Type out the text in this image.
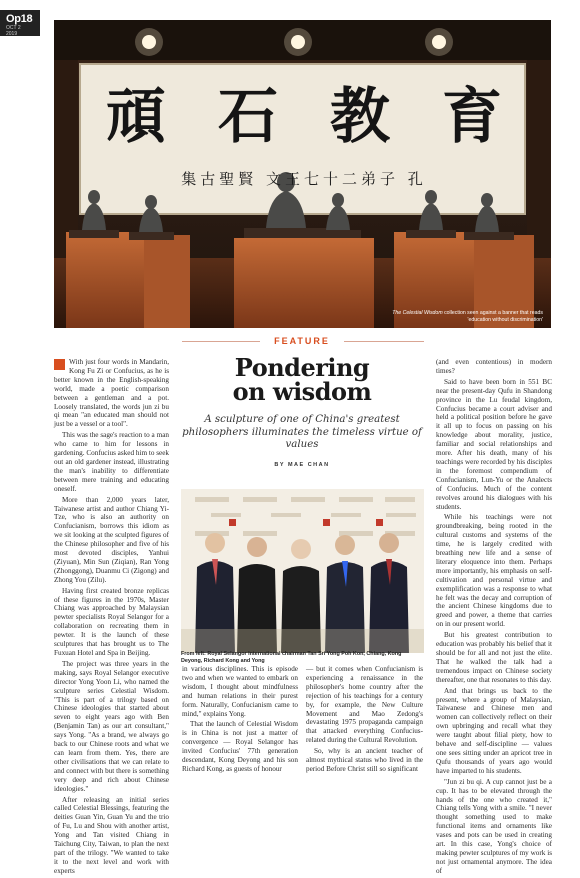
Op18
OCT 2
2019
頑 石 教 育
集古聖賢 文王七十二弟子 孔
The Celestial Wisdom collection seen against a banner that reads 'education without discrimination'
FEATURE
Pondering
on wisdom
A sculpture of one of China's greatest philosophers illuminates the timeless virtue of values
BY MAE CHAN

With just four words in Mandarin, Kong Fu Zi or Confucius, as he is better known in the English-speaking world, made a poetic comparison between a gentleman and a pot. Loosely translated, the words jun zi bu qi mean "an educated man should not just be a vessel or a tool".

This was the sage's reaction to a man who came to him for lessons in gardening. Confucius asked him to seek out an old gardener instead, illustrating the man's inability to differentiate between mere training and educating oneself.

More than 2,000 years later, Taiwanese artist and author Chiang Yi-Tze, who is also an authority on Confucianism, borrows this idiom as we sit looking at the sculpted figures of the Chinese philosopher and five of his most devoted disciples, Yanhui (Ziyuan), Min Sun (Ziqian), Ran Yong (Zhonggong), Duanmu Ci (Zigong) and Zhong You (Zilu).

Having first created bronze replicas of these figures in the 1970s, Master Chiang was approached by Malaysian pewter specialists Royal Selangor for a collaboration on recreating them in pewter. It is the launch of these sculptures that has brought us to The Fuxuan Hotel and Spa in Beijing.

The project was three years in the making, says Royal Selangor executive director Yong Yoon Li, who named the sculpture series Celestial Wisdom. "This is part of a trilogy based on Chinese ideologies that started about seven to eight years ago with Ben (Benjamin Tan) as our art consultant," says Yong. "As a brand, we always go back to our Chinese roots and what we can learn from them. Yes, there are other civilisations that we can relate to and connect with but there is something very deep and rich about Chinese ideologies."

After releasing an initial series called Celestial Blessings, featuring the deities Guan Yin, Guan Yu and the trio of Fu, Lu and Shou with another artist, Yong and Tan visited Chiang in Taichung City, Taiwan, to plan the next part of the trilogy. "We wanted to take it to the next level and work with experts

From left: Royal Selangor International chairman Tan Sri Yong Poh Kon, Chiang, Kong Deyong, Richard Kong and Yong

in various disciplines. This is episode two and when we wanted to embark on wisdom, I thought about mindfulness and human relations in their purest form. Naturally, Confucianism came to mind," explains Yong.

That the launch of Celestial Wisdom is in China is not just a matter of convergence — Royal Selangor has invited Confucius' 77th generation descendant, Kong Deyong and his son Richard Kong, as guests of honour

— but it comes when Confucianism is experiencing a renaissance in the philosopher's home country after the rejection of his teachings for a century by, for example, the New Culture Movement and Mao Zedong's devastating 1975 propaganda campaign that attacked everything Confucius-related during the Cultural Revolution.

So, why is an ancient teacher of almost mythical status who lived in the period Before Christ still so significant

(and even contentious) in modern times?

Said to have been born in 551 BC near the present-day Qufu in Shandong province in the Lu feudal kingdom, Confucius became a court adviser and held a political position before he gave it all up to focus on passing on his knowledge about morality, justice, familiar and social relationships and more. After his death, many of his teachings were recorded by his disciples in the foremost compendium of Confucianism, Lun-Yu or the Analects of Confucius. Much of the content revolves around his dialogues with his students.

While his teachings were not groundbreaking, being rooted in the cultural customs and systems of the time, he is largely credited with breathing new life and a sense of literary eloquence into them. Perhaps more importantly, his emphasis on self-cultivation and personal virtue and exemplification was a response to what he felt was the decay and corruption of the ancient Chinese kingdoms due to greed and power, a theme that carries on in our present world.

But his greatest contribution to education was probably his belief that it should be for all and not just the elite. That he walked the talk had a tremendous impact on Chinese society thereafter, one that resonates to this day.

And that brings us back to the present, where a group of Malaysian, Taiwanese and Chinese men and women can collectively reflect on their own upbringing and recall what they were taught about filial piety, how to behave and self-discipline — values one sees sitting under an apricot tree in Qufu thousands of years ago would have imparted to his students.

"Jun zi bu qi. A cup cannot just be a cup. It has to be elevated through the hands of the one who created it," Chiang tells Yong with a smile. "I never thought something used to make functional items and ornaments like vases and pots can be used in creating art. In this case, Yong's choice of making pewter sculptures of my work is not just ornamental anymore. The idea of
